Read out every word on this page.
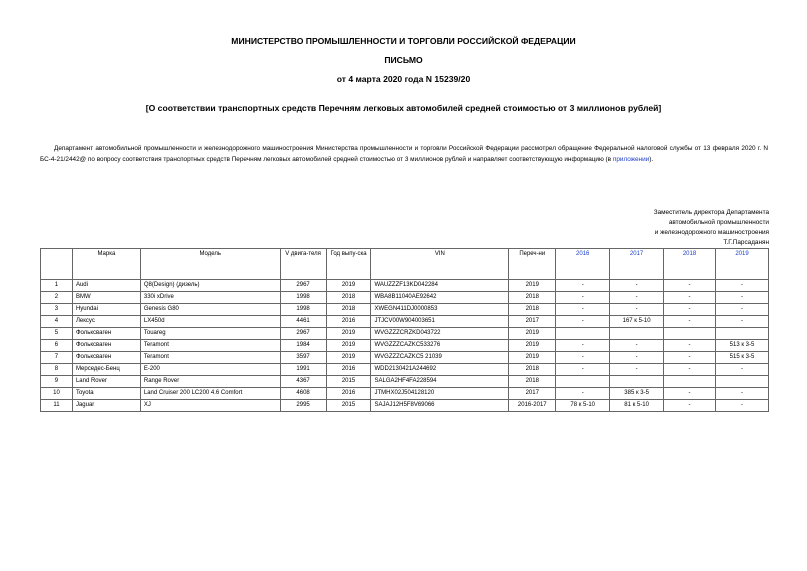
МИНИСТЕРСТВО ПРОМЫШЛЕННОСТИ И ТОРГОВЛИ РОССИЙСКОЙ ФЕДЕРАЦИИ
ПИСЬМО
от 4 марта 2020 года N 15239/20
[О соответствии транспортных средств Перечням легковых автомобилей средней стоимостью от 3 миллионов рублей]
Департамент автомобильной промышленности и железнодорожного машиностроения Министерства промышленности и торговли Российской Федерации рассмотрел обращение Федеральной налоговой службы от 13 февраля 2020 г. N БС-4-21/2442@ по вопросу соответствия транспортных средств Перечням легковых автомобилей средней стоимостью от 3 миллионов рублей и направляет соответствующую информацию (в приложении).
Заместитель директора Департамента
автомобильной промышленности
и железнодорожного машиностроения
Т.Г.Парсаданян
	Марка	Модель	V двига-теля	Год выпу-ска	VIN	Переч-ни	2016	2017	2018	2019
1	Audi	Q8(Design) (дизель)	2967	2019	WAUZZZF13KD042284	2019	-	-	-	-
2	BMW	330i xDrive	1998	2018	WBA8B11040AE92642	2018	-	-	-	-
3	Hyundai	Genesis G80	1998	2018	XWEGN411DJ0000853	2018	-	-	-	-
4	Лексус	LX450d	4461	2016	JTJCV00W904003651	2017	-	167 к 5-10	-	-
5	Фольксваген	Touareg	2967	2019	WVGZZZCRZKD043722	2019				
6	Фольксваген	Teramont	1984	2019	WVGZZZCAZKC533276	2019	-	-	-	513 к 3-5
7	Фольксваген	Teramont	3597	2019	WVGZZZCAZKC5 21039	2019	-	-	-	515 к 3-5
8	Мерседес-Бенц	E-200	1991	2016	WDD2130421A244692	2018	-	-	-	-
9	Land Rover	Range Rover	4367	2015	SALGA2HF4FA228594	2018				
10	Toyota	Land Cruiser 200 LC200 4.6 Comfort	4608	2016	JTMHX02J504128120	2017	-	385 к 3-5	-	-
11	Jaguar	XJ	2995	2015	SAJAJ12H5F8V69066	2016-2017	78 к 5-10	81 к 5-10	-	-
